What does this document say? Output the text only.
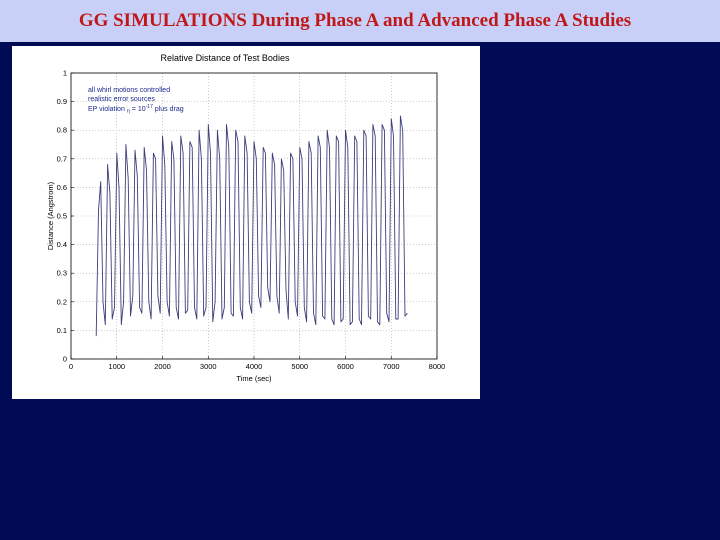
GG SIMULATIONS During Phase A and Advanced Phase A Studies
Relative Distance of Test Bodies
0	1000	2000	3000	4000	5000	6000	7000	8000
0
0.1
0.2
0.3
0.4
0.5
0.6
0.7
0.8
0.9
1
Time (sec)
Distance (Angstrom)
all whirl motions controlled
realistic error sources
EP violation $_\eta = 10^{-17}$ plus drag
